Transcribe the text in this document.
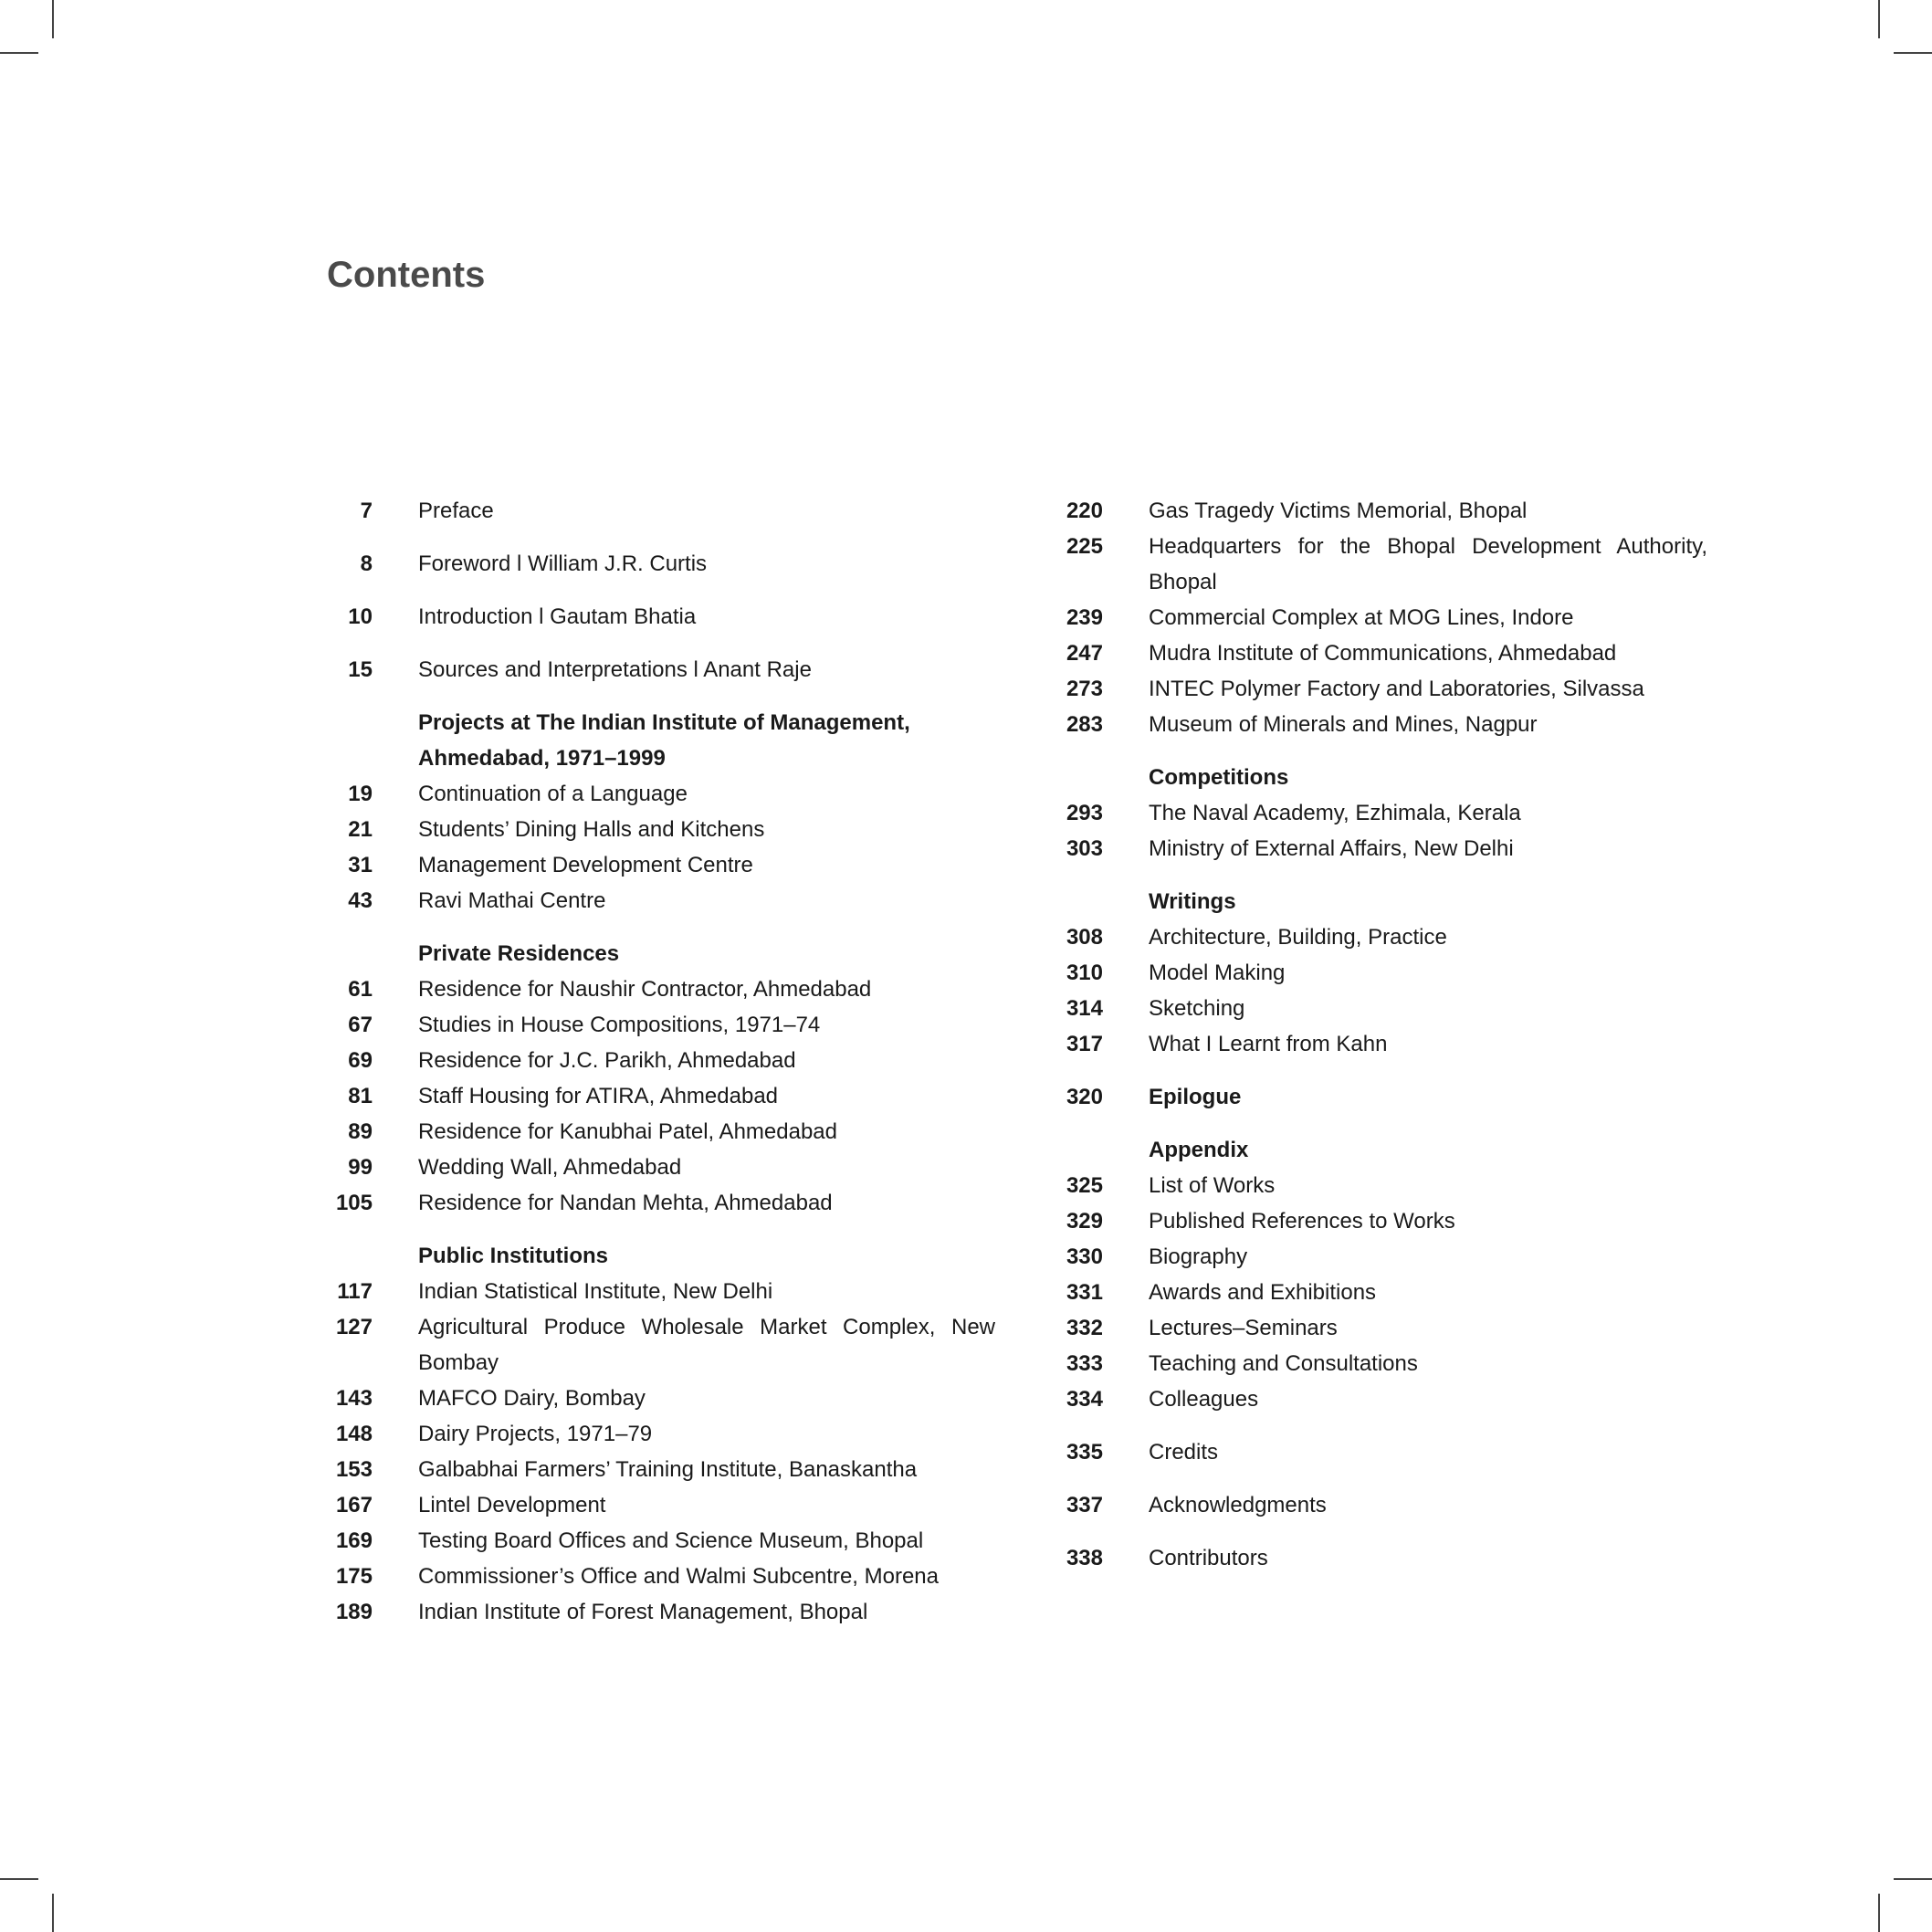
Contents
7 Preface
8 Foreword l William J.R. Curtis
10 Introduction l Gautam Bhatia
15 Sources and Interpretations l Anant Raje
Projects at The Indian Institute of Management, Ahmedabad, 1971–1999
19 Continuation of a Language
21 Students’ Dining Halls and Kitchens
31 Management Development Centre
43 Ravi Mathai Centre
Private Residences
61 Residence for Naushir Contractor, Ahmedabad
67 Studies in House Compositions, 1971–74
69 Residence for J.C. Parikh, Ahmedabad
81 Staff Housing for ATIRA, Ahmedabad
89 Residence for Kanubhai Patel, Ahmedabad
99 Wedding Wall, Ahmedabad
105 Residence for Nandan Mehta, Ahmedabad
Public Institutions
117 Indian Statistical Institute, New Delhi
127 Agricultural Produce Wholesale Market Complex, New Bombay
143 MAFCO Dairy, Bombay
148 Dairy Projects, 1971–79
153 Galbabhai Farmers’ Training Institute, Banaskantha
167 Lintel Development
169 Testing Board Offices and Science Museum, Bhopal
175 Commissioner’s Office and Walmi Subcentre, Morena
189 Indian Institute of Forest Management, Bhopal
220 Gas Tragedy Victims Memorial, Bhopal
225 Headquarters for the Bhopal Development Authority, Bhopal
239 Commercial Complex at MOG Lines, Indore
247 Mudra Institute of Communications, Ahmedabad
273 INTEC Polymer Factory and Laboratories, Silvassa
283 Museum of Minerals and Mines, Nagpur
Competitions
293 The Naval Academy, Ezhimala, Kerala
303 Ministry of External Affairs, New Delhi
Writings
308 Architecture, Building, Practice
310 Model Making
314 Sketching
317 What I Learnt from Kahn
320 Epilogue
Appendix
325 List of Works
329 Published References to Works
330 Biography
331 Awards and Exhibitions
332 Lectures–Seminars
333 Teaching and Consultations
334 Colleagues
335 Credits
337 Acknowledgments
338 Contributors
